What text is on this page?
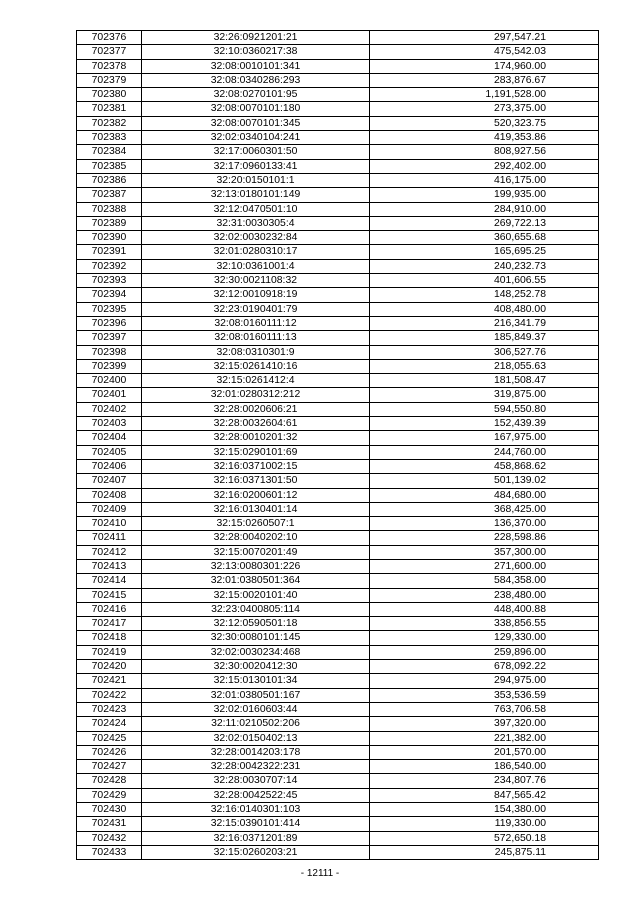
702376	32:26:0921201:21	297,547.21
702377	32:10:0360217:38	475,542.03
702378	32:08:0010101:341	174,960.00
702379	32:08:0340286:293	283,876.67
702380	32:08:0270101:95	1,191,528.00
702381	32:08:0070101:180	273,375.00
702382	32:08:0070101:345	520,323.75
702383	32:02:0340104:241	419,353.86
702384	32:17:0060301:50	808,927.56
702385	32:17:0960133:41	292,402.00
702386	32:20:0150101:1	416,175.00
702387	32:13:0180101:149	199,935.00
702388	32:12:0470501:10	284,910.00
702389	32:31:0030305:4	269,722.13
702390	32:02:0030232:84	360,655.68
702391	32:01:0280310:17	165,695.25
702392	32:10:0361001:4	240,232.73
702393	32:30:0021108:32	401,606.55
702394	32:12:0010918:19	148,252.78
702395	32:23:0190401:79	408,480.00
702396	32:08:0160111:12	216,341.79
702397	32:08:0160111:13	185,849.37
702398	32:08:0310301:9	306,527.76
702399	32:15:0261410:16	218,055.63
702400	32:15:0261412:4	181,508.47
702401	32:01:0280312:212	319,875.00
702402	32:28:0020606:21	594,550.80
702403	32:28:0032604:61	152,439.39
702404	32:28:0010201:32	167,975.00
702405	32:15:0290101:69	244,760.00
702406	32:16:0371002:15	458,868.62
702407	32:16:0371301:50	501,139.02
702408	32:16:0200601:12	484,680.00
702409	32:16:0130401:14	368,425.00
702410	32:15:0260507:1	136,370.00
702411	32:28:0040202:10	228,598.86
702412	32:15:0070201:49	357,300.00
702413	32:13:0080301:226	271,600.00
702414	32:01:0380501:364	584,358.00
702415	32:15:0020101:40	238,480.00
702416	32:23:0400805:114	448,400.88
702417	32:12:0590501:18	338,856.55
702418	32:30:0080101:145	129,330.00
702419	32:02:0030234:468	259,896.00
702420	32:30:0020412:30	678,092.22
702421	32:15:0130101:34	294,975.00
702422	32:01:0380501:167	353,536.59
702423	32:02:0160603:44	763,706.58
702424	32:11:0210502:206	397,320.00
702425	32:02:0150402:13	221,382.00
702426	32:28:0014203:178	201,570.00
702427	32:28:0042322:231	186,540.00
702428	32:28:0030707:14	234,807.76
702429	32:28:0042522:45	847,565.42
702430	32:16:0140301:103	154,380.00
702431	32:15:0390101:414	119,330.00
702432	32:16:0371201:89	572,650.18
702433	32:15:0260203:21	245,875.11
- 12111 -
